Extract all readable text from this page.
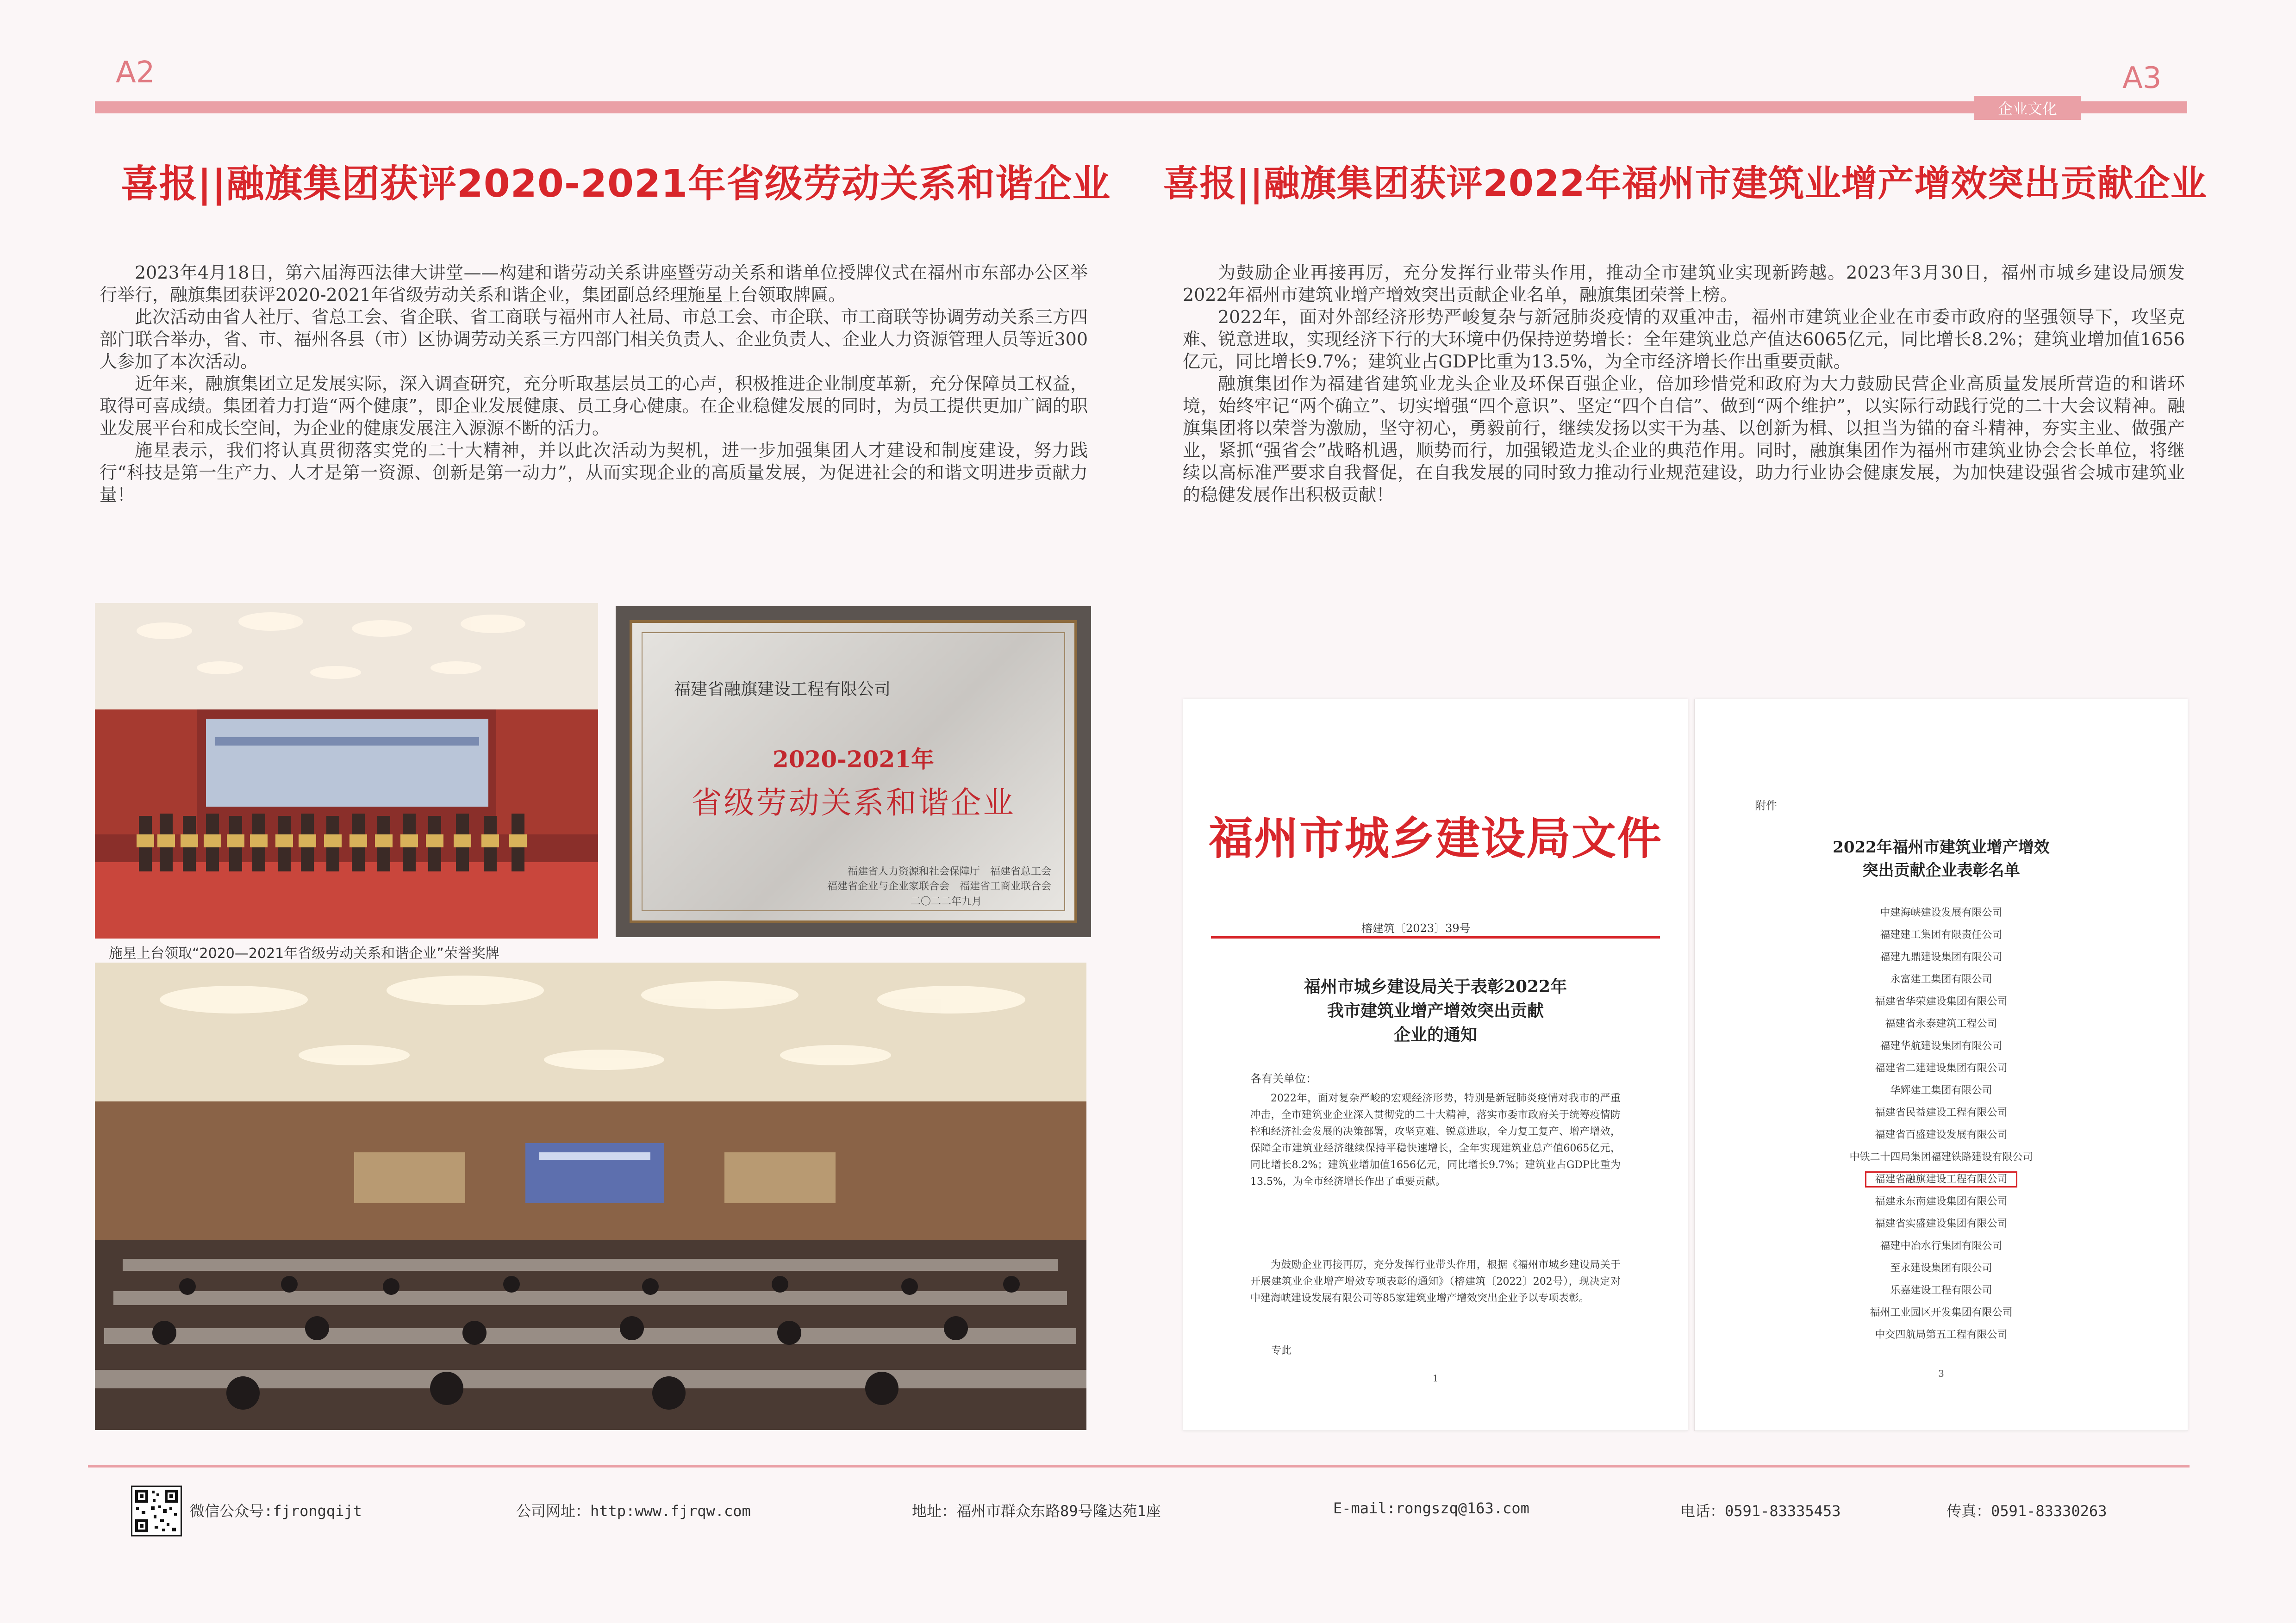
A2	A3
企业文化
喜报||融旗集团获评2020-2021年省级劳动关系和谐企业	喜报||融旗集团获评2022年福州市建筑业增产增效突出贡献企业

2023年4月18日，第六届海西法律大讲堂——构建和谐劳动关系讲座暨劳动关系和谐单位授牌仪式在福州市东部办公区举行举行，融旗集团获评2020-2021年省级劳动关系和谐企业，集团副总经理施星上台领取牌匾。

此次活动由省人社厅、省总工会、省企联、省工商联与福州市人社局、市总工会、市企联、市工商联等协调劳动关系三方四部门联合举办，省、市、福州各县（市）区协调劳动关系三方四部门相关负责人、企业负责人、企业人力资源管理人员等近300人参加了本次活动。

近年来，融旗集团立足发展实际，深入调查研究，充分听取基层员工的心声，积极推进企业制度革新，充分保障员工权益，取得可喜成绩。集团着力打造“两个健康”，即企业发展健康、员工身心健康。在企业稳健发展的同时，为员工提供更加广阔的职业发展平台和成长空间，为企业的健康发展注入源源不断的活力。

施星表示，我们将认真贯彻落实党的二十大精神，并以此次活动为契机，进一步加强集团人才建设和制度建设，努力践行“科技是第一生产力、人才是第一资源、创新是第一动力”，从而实现企业的高质量发展，为促进社会的和谐文明进步贡献力量！

福建省融旗建设工程有限公司
2020-2021年
省级劳动关系和谐企业
福建省人力资源和社会保障厅　福建省总工会
福建省企业与企业家联合会　福建省工商业联合会
二〇二二年九月
施星上台领取“2020—2021年省级劳动关系和谐企业”荣誉奖牌

为鼓励企业再接再厉，充分发挥行业带头作用，推动全市建筑业实现新跨越。2023年3月30日，福州市城乡建设局颁发2022年福州市建筑业增产增效突出贡献企业名单，融旗集团荣誉上榜。

2022年，面对外部经济形势严峻复杂与新冠肺炎疫情的双重冲击，福州市建筑业企业在市委市政府的坚强领导下，攻坚克难、锐意进取，实现经济下行的大环境中仍保持逆势增长：全年建筑业总产值达6065亿元，同比增长8.2%；建筑业增加值1656亿元，同比增长9.7%；建筑业占GDP比重为13.5%，为全市经济增长作出重要贡献。

融旗集团作为福建省建筑业龙头企业及环保百强企业，倍加珍惜党和政府为大力鼓励民营企业高质量发展所营造的和谐环境，始终牢记“两个确立”、切实增强“四个意识”、坚定“四个自信”、做到“两个维护”，以实际行动践行党的二十大会议精神。融旗集团将以荣誉为激励，坚守初心，勇毅前行，继续发扬以实干为基、以创新为楫、以担当为锚的奋斗精神，夯实主业、做强产业，紧抓“强省会”战略机遇，顺势而行，加强锻造龙头企业的典范作用。同时，融旗集团作为福州市建筑业协会会长单位，将继续以高标准严要求自我督促，在自我发展的同时致力推动行业规范建设，助力行业协会健康发展，为加快建设强省会城市建筑业的稳健发展作出积极贡献！

福州市城乡建设局文件
榕建筑〔2023〕39号
福州市城乡建设局关于表彰2022年
我市建筑业增产增效突出贡献
企业的通知
各有关单位：
2022年，面对复杂严峻的宏观经济形势，特别是新冠肺炎疫情对我市的严重冲击，全市建筑业企业深入贯彻党的二十大精神，落实市委市政府关于统筹疫情防控和经济社会发展的决策部署，攻坚克难、锐意进取，全力复工复产、增产增效，保障全市建筑业经济继续保持平稳快速增长，全年实现建筑业总产值6065亿元，同比增长8.2%；建筑业增加值1656亿元，同比增长9.7%；建筑业占GDP比重为13.5%，为全市经济增长作出了重要贡献。
为鼓励企业再接再厉，充分发挥行业带头作用，根据《福州市城乡建设局关于开展建筑业企业增产增效专项表彰的通知》（榕建筑〔2022〕202号），现决定对中建海峡建设发展有限公司等85家建筑业增产增效突出企业予以专项表彰。
专此
1
附件
2022年福州市建筑业增产增效
突出贡献企业表彰名单
中建海峡建设发展有限公司
福建建工集团有限责任公司
福建九鼎建设集团有限公司
永富建工集团有限公司
福建省华荣建设集团有限公司
福建省永泰建筑工程公司
福建华航建设集团有限公司
福建省二建建设集团有限公司
华辉建工集团有限公司
福建省民益建设工程有限公司
福建省百盛建设发展有限公司
中铁二十四局集团福建铁路建设有限公司
福建省融旗建设工程有限公司
福建永东南建设集团有限公司
福建省实盛建设集团有限公司
福建中冶水行集团有限公司
至永建设集团有限公司
乐嘉建设工程有限公司
福州工业园区开发集团有限公司
中交四航局第五工程有限公司
3
微信公众号:fjrongqijt	公司网址：http:www.fjrqw.com	地址：福州市群众东路89号隆达苑1座	E-mail:rongszq@163.com	电话：0591-83335453	传真：0591-83330263
